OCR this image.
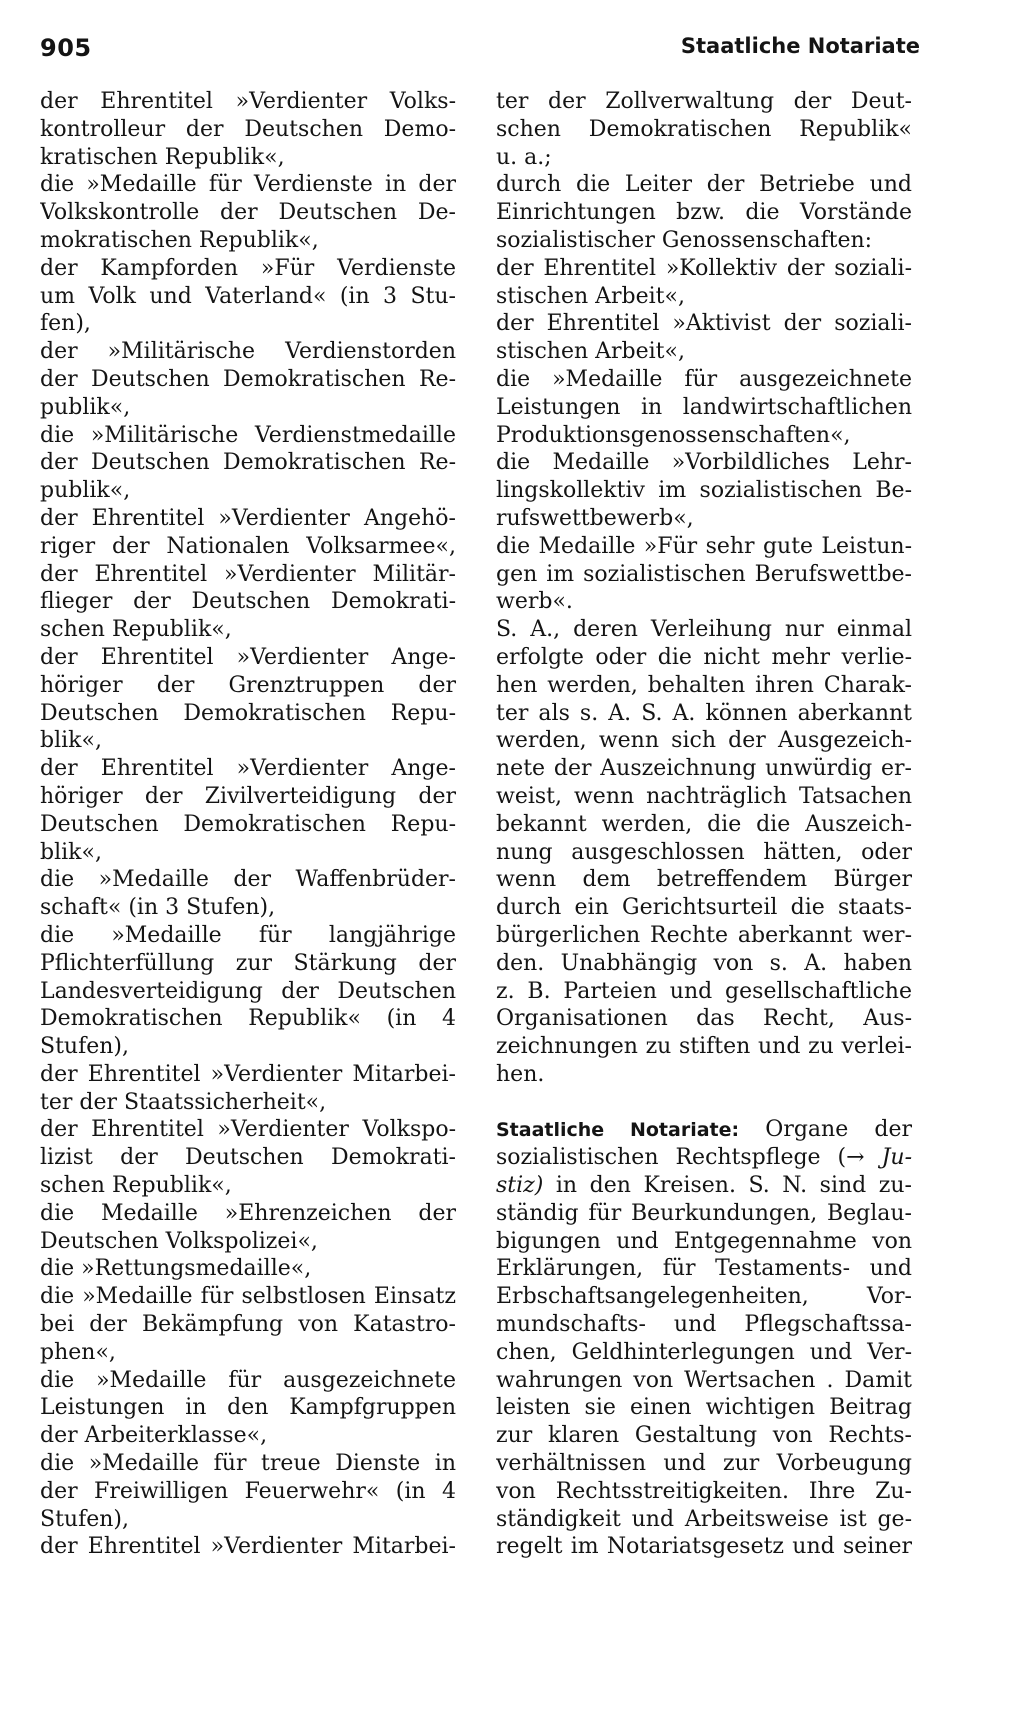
905	Staatliche Notariate
der Ehrentitel »Verdienter Volks-
kontrolleur der Deutschen Demo-
kratischen Republik«,
die »Medaille für Verdienste in der
Volkskontrolle der Deutschen De-
mokratischen Republik«,
der Kampforden »Für Verdienste
um Volk und Vaterland« (in 3 Stu-
fen),
der »Militärische Verdienstorden
der Deutschen Demokratischen Re-
publik«,
die »Militärische Verdienstmedaille
der Deutschen Demokratischen Re-
publik«,
der Ehrentitel »Verdienter Angehö-
riger der Nationalen Volksarmee«,
der Ehrentitel »Verdienter Militär-
flieger der Deutschen Demokrati-
schen Republik«,
der Ehrentitel »Verdienter Ange-
höriger der Grenztruppen der
Deutschen Demokratischen Repu-
blik«,
der Ehrentitel »Verdienter Ange-
höriger der Zivilverteidigung der
Deutschen Demokratischen Repu-
blik«,
die »Medaille der Waffenbrüder-
schaft« (in 3 Stufen),
die »Medaille für langjährige
Pflichterfüllung zur Stärkung der
Landesverteidigung der Deutschen
Demokratischen Republik« (in 4
Stufen),
der Ehrentitel »Verdienter Mitarbei-
ter der Staatssicherheit«,
der Ehrentitel »Verdienter Volkspo-
lizist der Deutschen Demokrati-
schen Republik«,
die Medaille »Ehrenzeichen der
Deutschen Volkspolizei«,
die »Rettungsmedaille«,
die »Medaille für selbstlosen Einsatz
bei der Bekämpfung von Katastro-
phen«,
die »Medaille für ausgezeichnete
Leistungen in den Kampfgruppen
der Arbeiterklasse«,
die »Medaille für treue Dienste in
der Freiwilligen Feuerwehr« (in 4
Stufen),
der Ehrentitel »Verdienter Mitarbei-
ter der Zollverwaltung der Deut-
schen Demokratischen Republik«
u. a.;
durch die Leiter der Betriebe und
Einrichtungen bzw. die Vorstände
sozialistischer Genossenschaften:
der Ehrentitel »Kollektiv der soziali-
stischen Arbeit«,
der Ehrentitel »Aktivist der soziali-
stischen Arbeit«,
die »Medaille für ausgezeichnete
Leistungen in landwirtschaftlichen
Produktionsgenossenschaften«,
die Medaille »Vorbildliches Lehr-
lingskollektiv im sozialistischen Be-
rufswettbewerb«,
die Medaille »Für sehr gute Leistun-
gen im sozialistischen Berufswettbe-
werb«.
S. A., deren Verleihung nur einmal
erfolgte oder die nicht mehr verlie-
hen werden, behalten ihren Charak-
ter als s. A. S. A. können aberkannt
werden, wenn sich der Ausgezeich-
nete der Auszeichnung unwürdig er-
weist, wenn nachträglich Tatsachen
bekannt werden, die die Auszeich-
nung ausgeschlossen hätten, oder
wenn dem betreffendem Bürger
durch ein Gerichtsurteil die staats-
bürgerlichen Rechte aberkannt wer-
den. Unabhängig von s. A. haben
z. B. Parteien und gesellschaftliche
Organisationen das Recht, Aus-
zeichnungen zu stiften und zu verlei-
hen.
Staatliche Notariate: Organe der
sozialistischen Rechtspflege (→ Ju-
stiz) in den Kreisen. S. N. sind zu-
ständig für Beurkundungen, Beglau-
bigungen und Entgegennahme von
Erklärungen, für Testaments- und
Erbschaftsangelegenheiten, Vor-
mundschafts- und Pflegschaftssa-
chen, Geldhinterlegungen und Ver-
wahrungen von Wertsachen . Damit
leisten sie einen wichtigen Beitrag
zur klaren Gestaltung von Rechts-
verhältnissen und zur Vorbeugung
von Rechtsstreitigkeiten. Ihre Zu-
ständigkeit und Arbeitsweise ist ge-
regelt im Notariatsgesetz und seiner
